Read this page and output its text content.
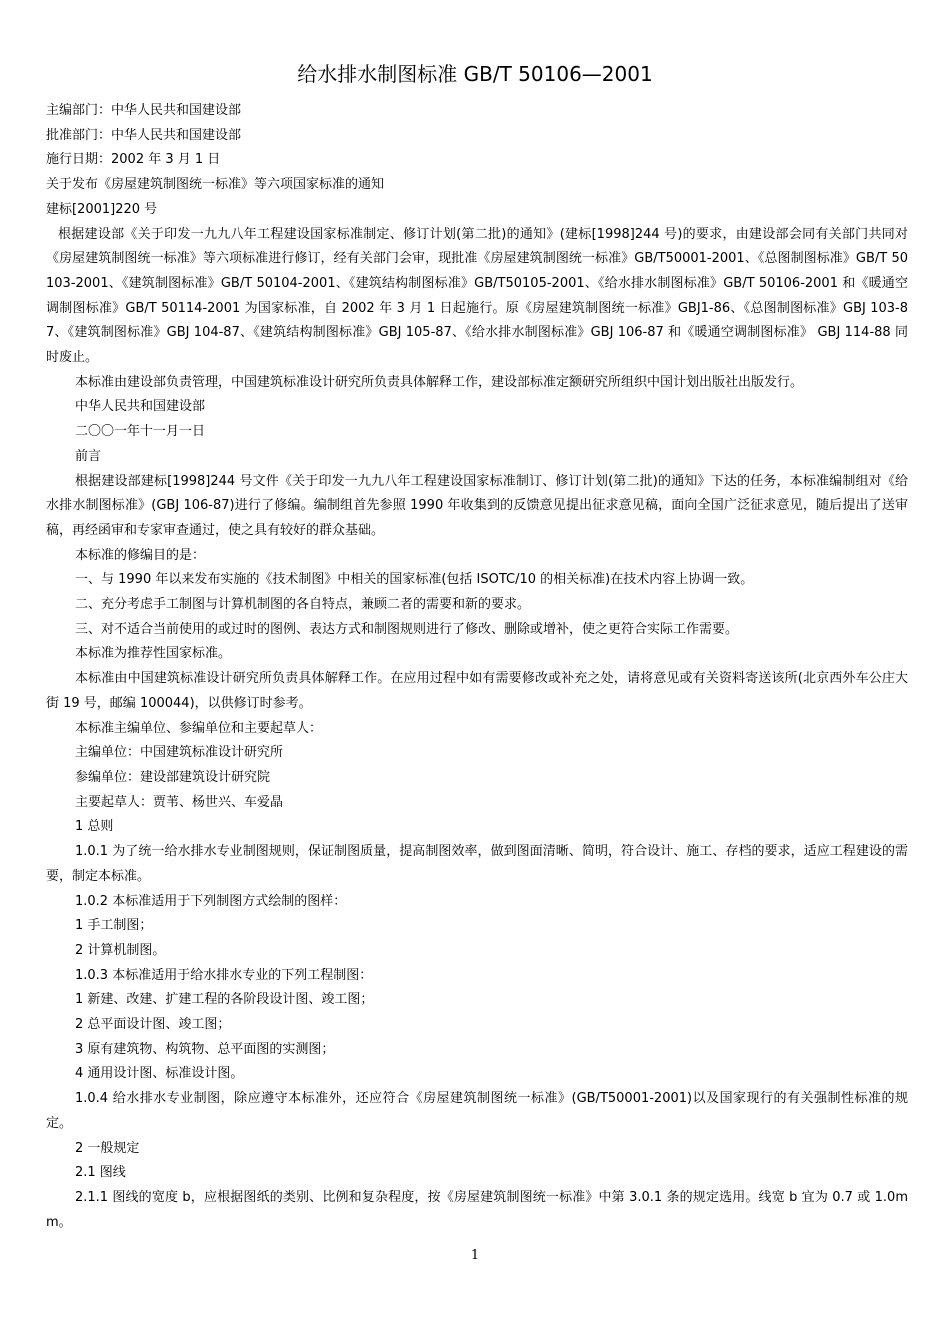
给水排水制图标准 GB/T 50106—2001

主编部门：中华人民共和国建设部

批准部门：中华人民共和国建设部

施行日期：2002 年 3 月 1 日

关于发布《房屋建筑制图统一标准》等六项国家标准的通知

建标[2001]220 号

根据建设部《关于印发一九九八年工程建设国家标准制定、修订计划(第二批)的通知》(建标[1998]244 号)的要求，由建设部会同有关部门共同对《房屋建筑制图统一标准》等六项标准进行修订，经有关部门会审，现批准《房屋建筑制图统一标准》GB/T50001-2001、《总图制图标准》GB/T 50103-2001、《建筑制图标准》GB/T 50104-2001、《建筑结构制图标准》GB/T50105-2001、《给水排水制图标准》GB/T 50106-2001 和《暖通空调制图标准》GB/T 50114-2001 为国家标准，自 2002 年 3 月 1 日起施行。原《房屋建筑制图统一标准》GBJ1-86、《总图制图标准》GBJ 103-87、《建筑制图标准》GBJ 104-87、《建筑结构制图标准》GBJ 105-87、《给水排水制图标准》GBJ 106-87 和《暖通空调制图标准》 GBJ 114-88 同时废止。

本标准由建设部负责管理，中国建筑标准设计研究所负责具体解释工作，建设部标准定额研究所组织中国计划出版社出版发行。

中华人民共和国建设部

二〇〇一年十一月一日

前言

根据建设部建标[1998]244 号文件《关于印发一九九八年工程建设国家标准制订、修订计划(第二批)的通知》下达的任务，本标准编制组对《给水排水制图标准》(GBJ 106-87)进行了修编。编制组首先参照 1990 年收集到的反馈意见提出征求意见稿，面向全国广泛征求意见，随后提出了送审稿，再经函审和专家审查通过，使之具有较好的群众基础。

本标准的修编目的是：

一、与 1990 年以来发布实施的《技术制图》中相关的国家标准(包括 ISOTC/10 的相关标准)在技术内容上协调一致。

二、充分考虑手工制图与计算机制图的各自特点，兼顾二者的需要和新的要求。

三、对不适合当前使用的或过时的图例、表达方式和制图规则进行了修改、删除或增补，使之更符合实际工作需要。

本标准为推荐性国家标准。

本标准由中国建筑标准设计研究所负责具体解释工作。在应用过程中如有需要修改或补充之处，请将意见或有关资料寄送该所(北京西外车公庄大街 19 号，邮编 100044)，以供修订时参考。

本标准主编单位、参编单位和主要起草人：

主编单位：中国建筑标准设计研究所

参编单位：建设部建筑设计研究院

主要起草人：贾苇、杨世兴、车爱晶

1 总则

1.0.1 为了统一给水排水专业制图规则，保证制图质量，提高制图效率，做到图面清晰、简明，符合设计、施工、存档的要求，适应工程建设的需要，制定本标准。

1.0.2 本标准适用于下列制图方式绘制的图样：

1 手工制图；

2 计算机制图。

1.0.3 本标准适用于给水排水专业的下列工程制图：

1 新建、改建、扩建工程的各阶段设计图、竣工图；

2 总平面设计图、竣工图；

3 原有建筑物、构筑物、总平面图的实测图；

4 通用设计图、标准设计图。

1.0.4 给水排水专业制图，除应遵守本标准外，还应符合《房屋建筑制图统一标准》(GB/T50001-2001)以及国家现行的有关强制性标准的规定。

2 一般规定

2.1 图线

2.1.1 图线的宽度 b，应根据图纸的类别、比例和复杂程度，按《房屋建筑制图统一标准》中第 3.0.1 条的规定选用。线宽 b 宜为 0.7 或 1.0mm。

1
